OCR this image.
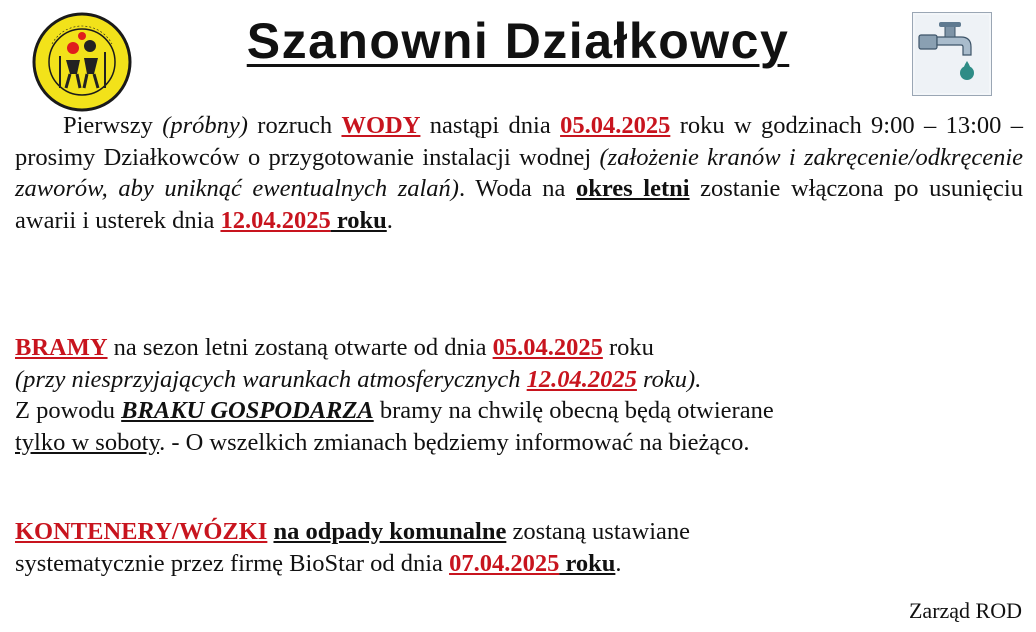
Szanowni Działkowcy
Pierwszy (próbny) rozruch WODY nastąpi dnia 05.04.2025 roku w godzinach 9:00 – 13:00 – prosimy Działkowców o przygotowanie instalacji wodnej (założenie kranów i zakręcenie/odkręcenie zaworów, aby uniknąć ewentualnych zalań). Woda na okres letni zostanie włączona po usunięciu awarii i usterek dnia 12.04.2025 roku.
BRAMY na sezon letni zostaną otwarte od dnia 05.04.2025 roku
(przy niesprzyjających warunkach atmosferycznych 12.04.2025 roku).
Z powodu BRAKU GOSPODARZA bramy na chwilę obecną będą otwierane
tylko w soboty. - O wszelkich zmianach będziemy informować na bieżąco.
KONTENERY/WÓZKI na odpady komunalne zostaną ustawiane
systematycznie przez firmę BioStar od dnia 07.04.2025 roku.
Zarząd ROD
